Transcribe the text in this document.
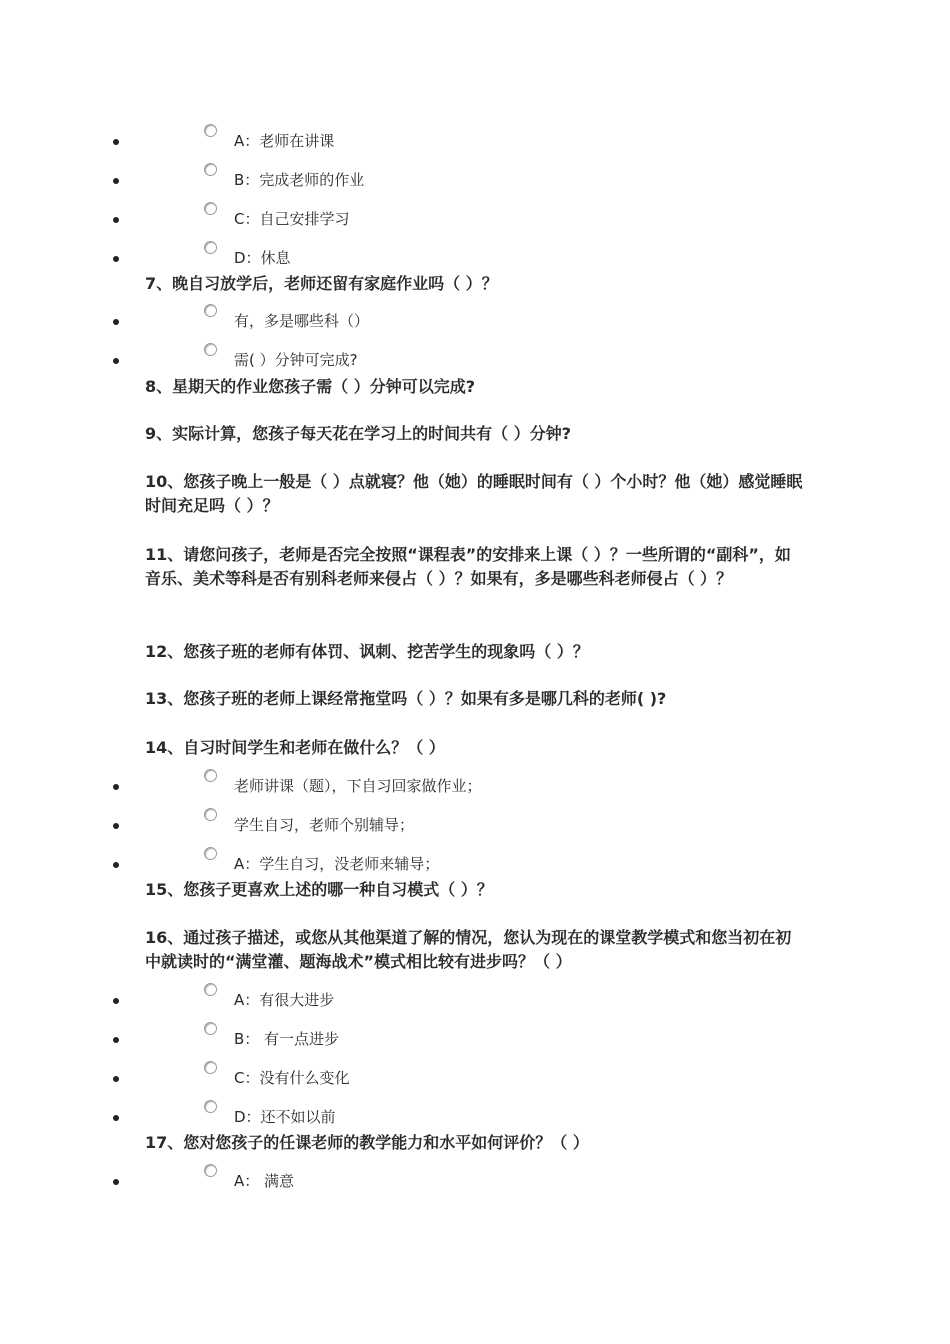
A：老师在讲课
B：完成老师的作业
C：自己安排学习
D：休息
7、晚自习放学后，老师还留有家庭作业吗（ ）？
有，多是哪些科（）
需( ）分钟可完成?
8、星期天的作业您孩子需（ ）分钟可以完成?
9、实际计算，您孩子每天花在学习上的时间共有（ ）分钟?
10、您孩子晚上一般是（ ）点就寝？他（她）的睡眠时间有（ ）个小时？他（她）感觉睡眠时间充足吗（ ）？
11、请您问孩子，老师是否完全按照“课程表”的安排来上课（ ）？一些所谓的“副科”，如音乐、美术等科是否有别科老师来侵占（ ）？如果有，多是哪些科老师侵占（ ）？
12、您孩子班的老师有体罚、讽刺、挖苦学生的现象吗（ ）？
13、您孩子班的老师上课经常拖堂吗（ ）？如果有多是哪几科的老师( )?
14、自习时间学生和老师在做什么？（ ）
老师讲课（题），下自习回家做作业；
学生自习，老师个别辅导；
A：学生自习，没老师来辅导；
15、您孩子更喜欢上述的哪一种自习模式（ ）？
16、通过孩子描述，或您从其他渠道了解的情况，您认为现在的课堂教学模式和您当初在初中就读时的“满堂灌、题海战术”模式相比较有进步吗？（ ）
A：有很大进步
B： 有一点进步
C：没有什么变化
D：还不如以前
17、您对您孩子的任课老师的教学能力和水平如何评价？（ ）
A： 满意
